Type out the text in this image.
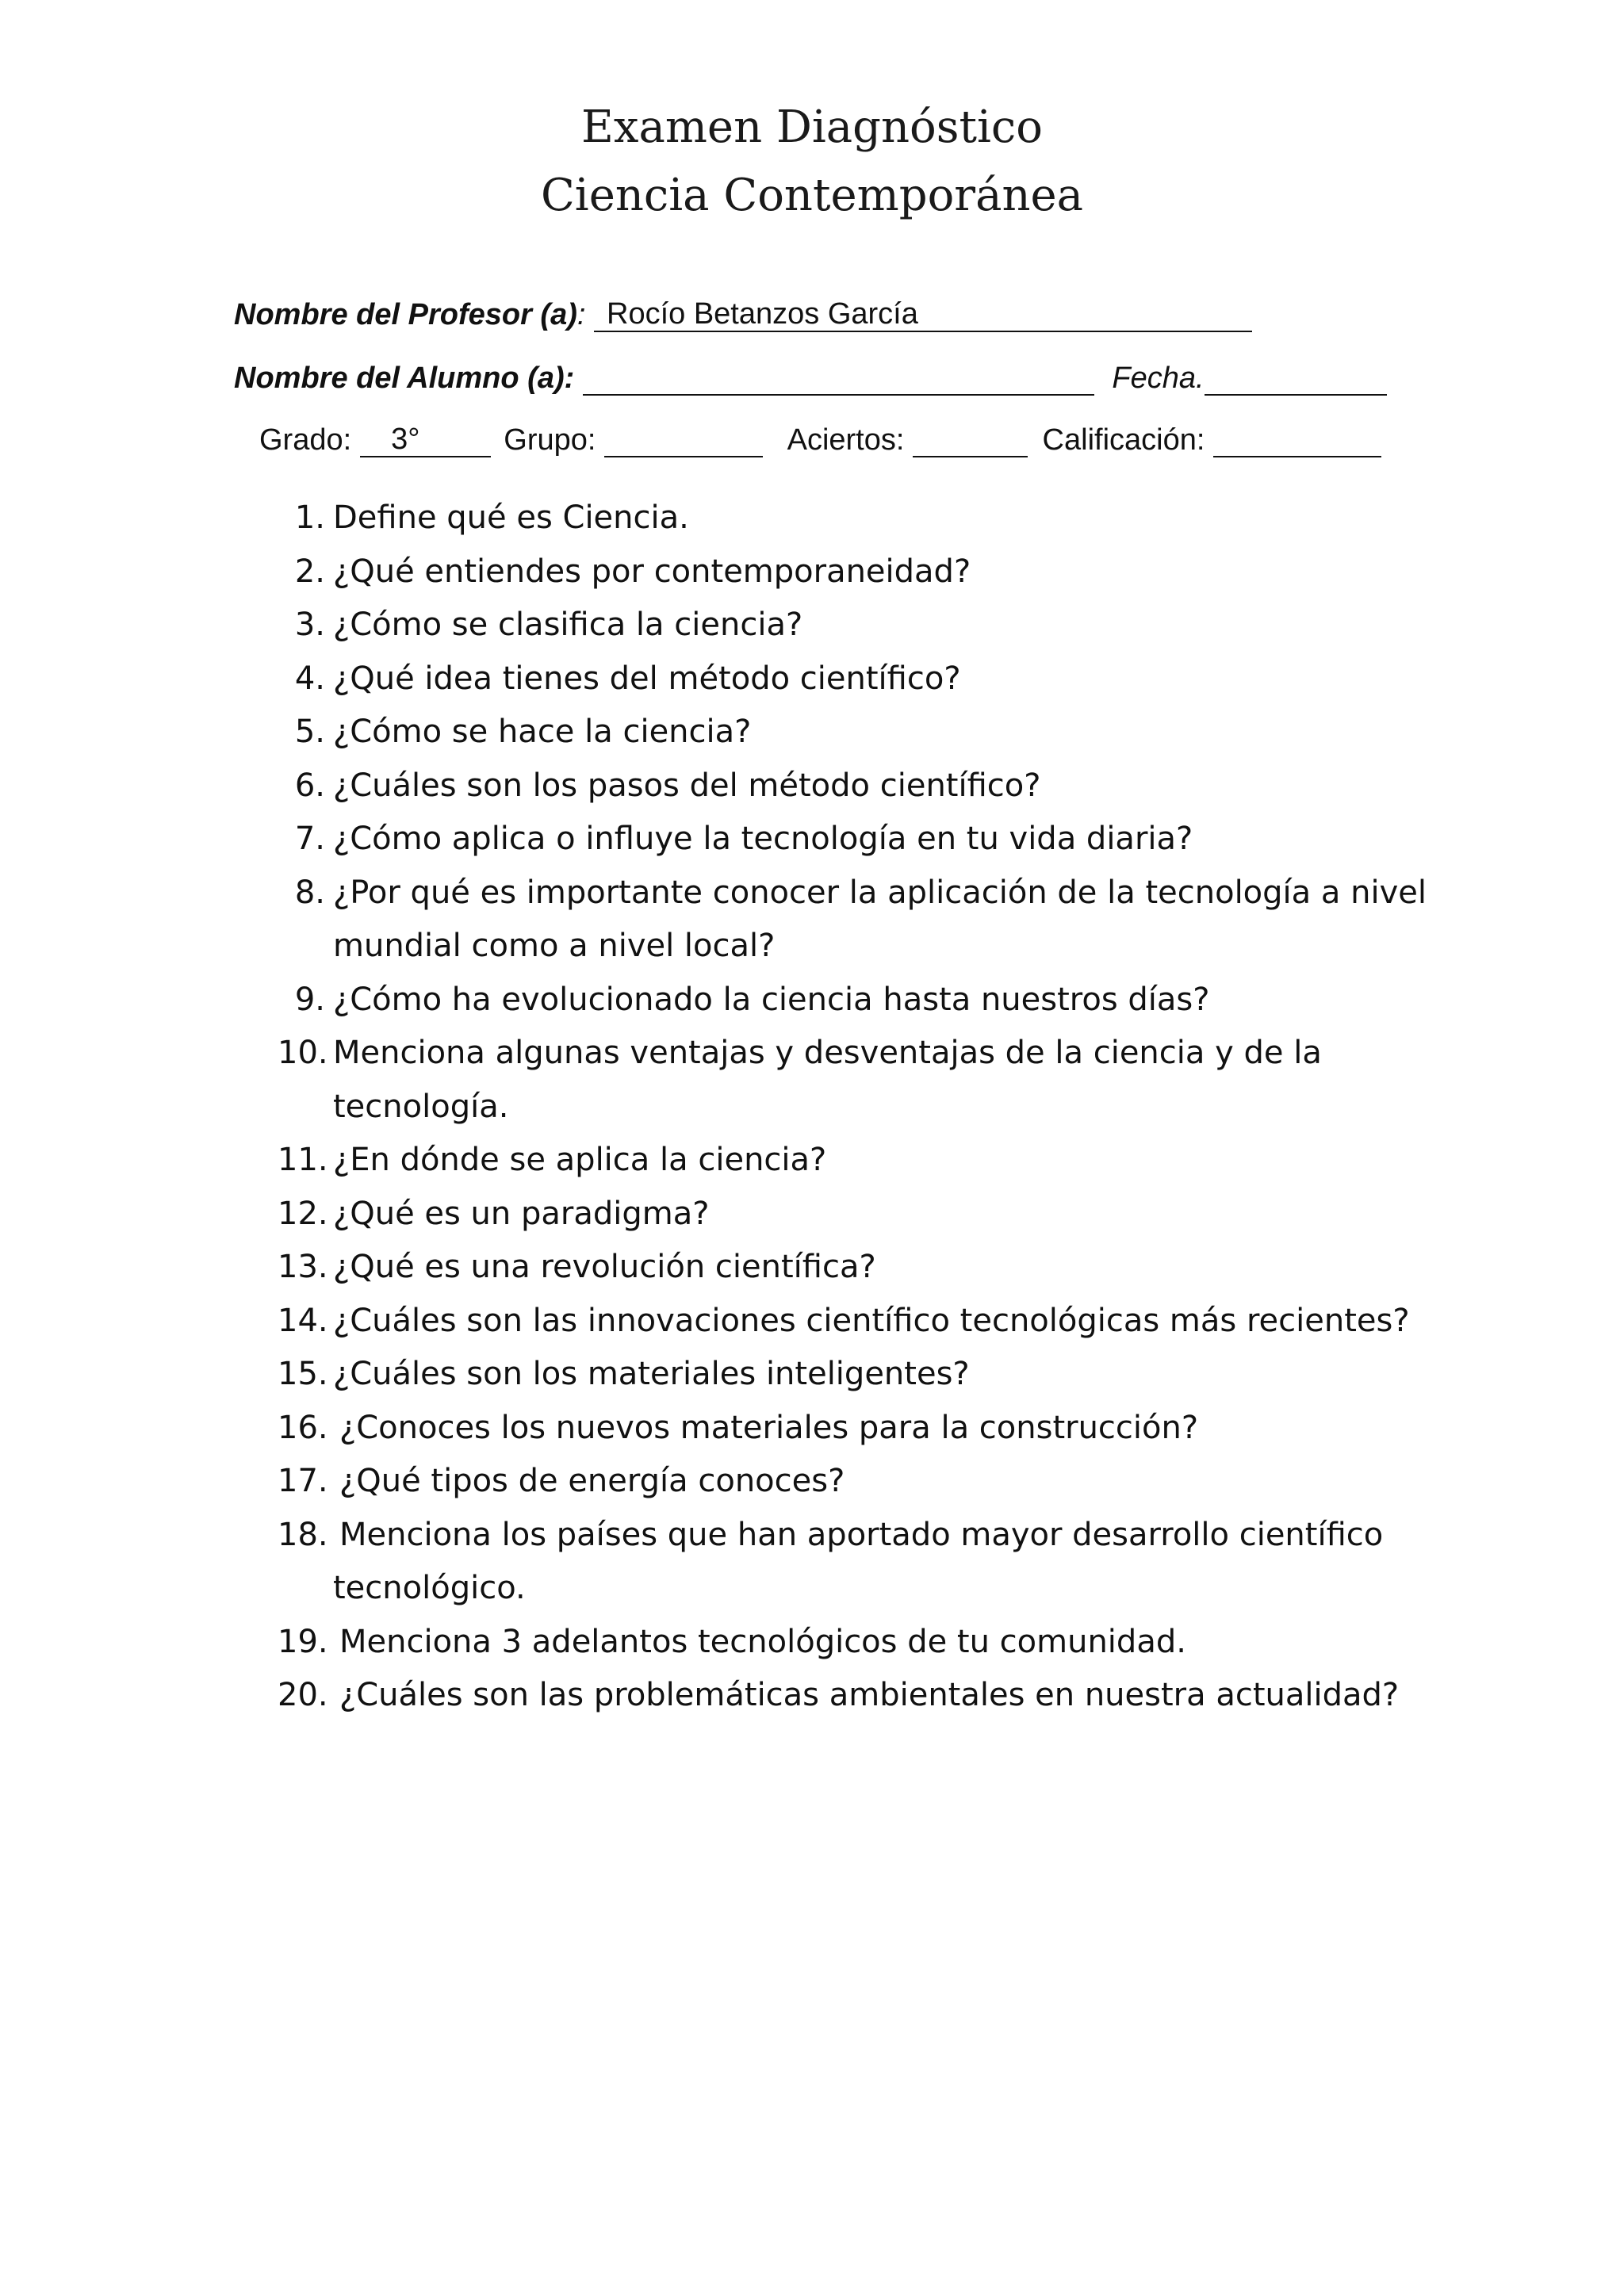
Examen Diagnóstico
Ciencia Contemporánea
Nombre del Profesor (a): Rocío Betanzos García
Nombre del Alumno (a):	Fecha.
Grado:	3°	Grupo:	Aciertos:	Calificación:
1. Define qué es Ciencia.
2. ¿Qué entiendes por contemporaneidad?
3. ¿Cómo se clasifica la ciencia?
4. ¿Qué idea tienes del método científico?
5. ¿Cómo se hace la ciencia?
6. ¿Cuáles son los pasos del método científico?
7. ¿Cómo aplica o influye la tecnología en tu vida diaria?
8. ¿Por qué es importante conocer la aplicación de la tecnología a nivel mundial como a nivel local?
9. ¿Cómo ha evolucionado la ciencia hasta nuestros días?
10. Menciona algunas ventajas y desventajas de la ciencia y de la tecnología.
11. ¿En dónde se aplica la ciencia?
12. ¿Qué es un paradigma?
13. ¿Qué es una revolución científica?
14. ¿Cuáles son las innovaciones científico tecnológicas más recientes?
15. ¿Cuáles son los materiales inteligentes?
16. ¿Conoces los nuevos materiales para la construcción?
17. ¿Qué tipos de energía conoces?
18. Menciona los países que han aportado mayor desarrollo científico tecnológico.
19. Menciona 3 adelantos tecnológicos de tu comunidad.
20. ¿Cuáles son las problemáticas ambientales en nuestra actualidad?
